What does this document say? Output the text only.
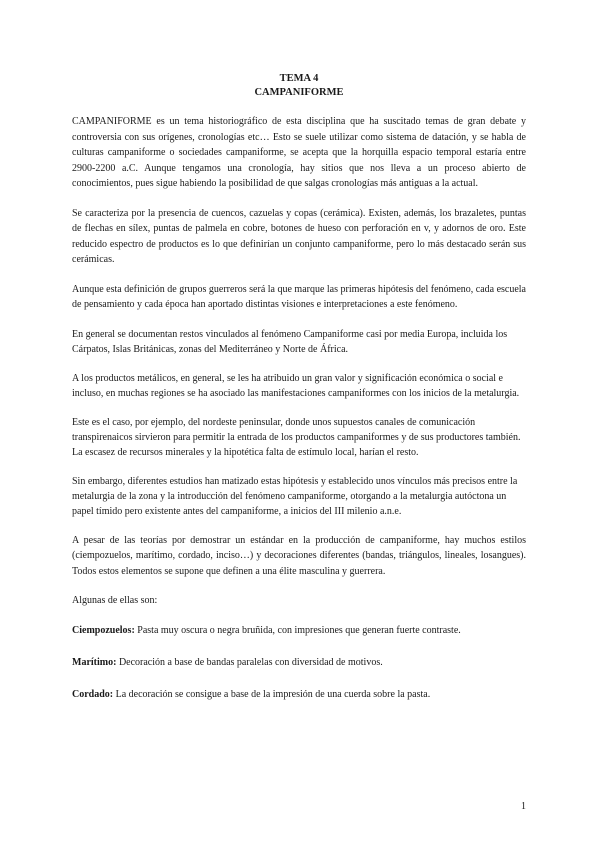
TEMA 4
CAMPANIFORME

CAMPANIFORME es un tema historiográfico de esta disciplina que ha suscitado temas de gran debate y controversia con sus orígenes, cronologías etc… Esto se suele utilizar como sistema de datación, y se habla de culturas campaniforme o sociedades campaniforme, se acepta que la horquilla espacio temporal estaría entre 2900-2200 a.C. Aunque tengamos una cronología, hay sitios que nos lleva a un proceso abierto de conocimientos, pues sigue habiendo la posibilidad de que salgas cronologías más antiguas a la actual.

Se caracteriza por la presencia de cuencos, cazuelas y copas (cerámica). Existen, además, los brazaletes, puntas de flechas en sílex, puntas de palmela en cobre, botones de hueso con perforación en v, y adornos de oro. Este reducido espectro de productos es lo que definirían un conjunto campaniforme, pero lo más destacado serán sus cerámicas.

Aunque esta definición de grupos guerreros será la que marque las primeras hipótesis del fenómeno, cada escuela de pensamiento y cada época han aportado distintas visiones e interpretaciones a este fenómeno.

En general se documentan restos vinculados al fenómeno Campaniforme casi por media Europa, incluida los Cárpatos, Islas Británicas, zonas del Mediterráneo y Norte de África.

A los productos metálicos, en general, se les ha atribuido un gran valor y significación económica o social e incluso, en muchas regiones se ha asociado las manifestaciones campaniformes con los inicios de la metalurgia.

Este es el caso, por ejemplo, del nordeste peninsular, donde unos supuestos canales de comunicación transpirenaicos sirvieron para permitir la entrada de los productos campaniformes y de sus productores también. La escasez de recursos minerales y la hipotética falta de estímulo local, harían el resto.

Sin embargo, diferentes estudios han matizado estas hipótesis y establecido unos vínculos más precisos entre la metalurgia de la zona y la introducción del fenómeno campaniforme, otorgando a la metalurgia autóctona un papel tímido pero existente antes del campaniforme, a inicios del III milenio a.n.e.

A pesar de las teorías por demostrar un estándar en la producción de campaniforme, hay muchos estilos (ciempozuelos, marítimo, cordado, inciso…) y decoraciones diferentes (bandas, triángulos, lineales, losangues). Todos estos elementos se supone que definen a una élite masculina y guerrera.

Algunas de ellas son:

Ciempozuelos: Pasta muy oscura o negra bruñida, con impresiones que generan fuerte contraste.
Marítimo: Decoración a base de bandas paralelas con diversidad de motivos.
Cordado: La decoración se consigue a base de la impresión de una cuerda sobre la pasta.
1
